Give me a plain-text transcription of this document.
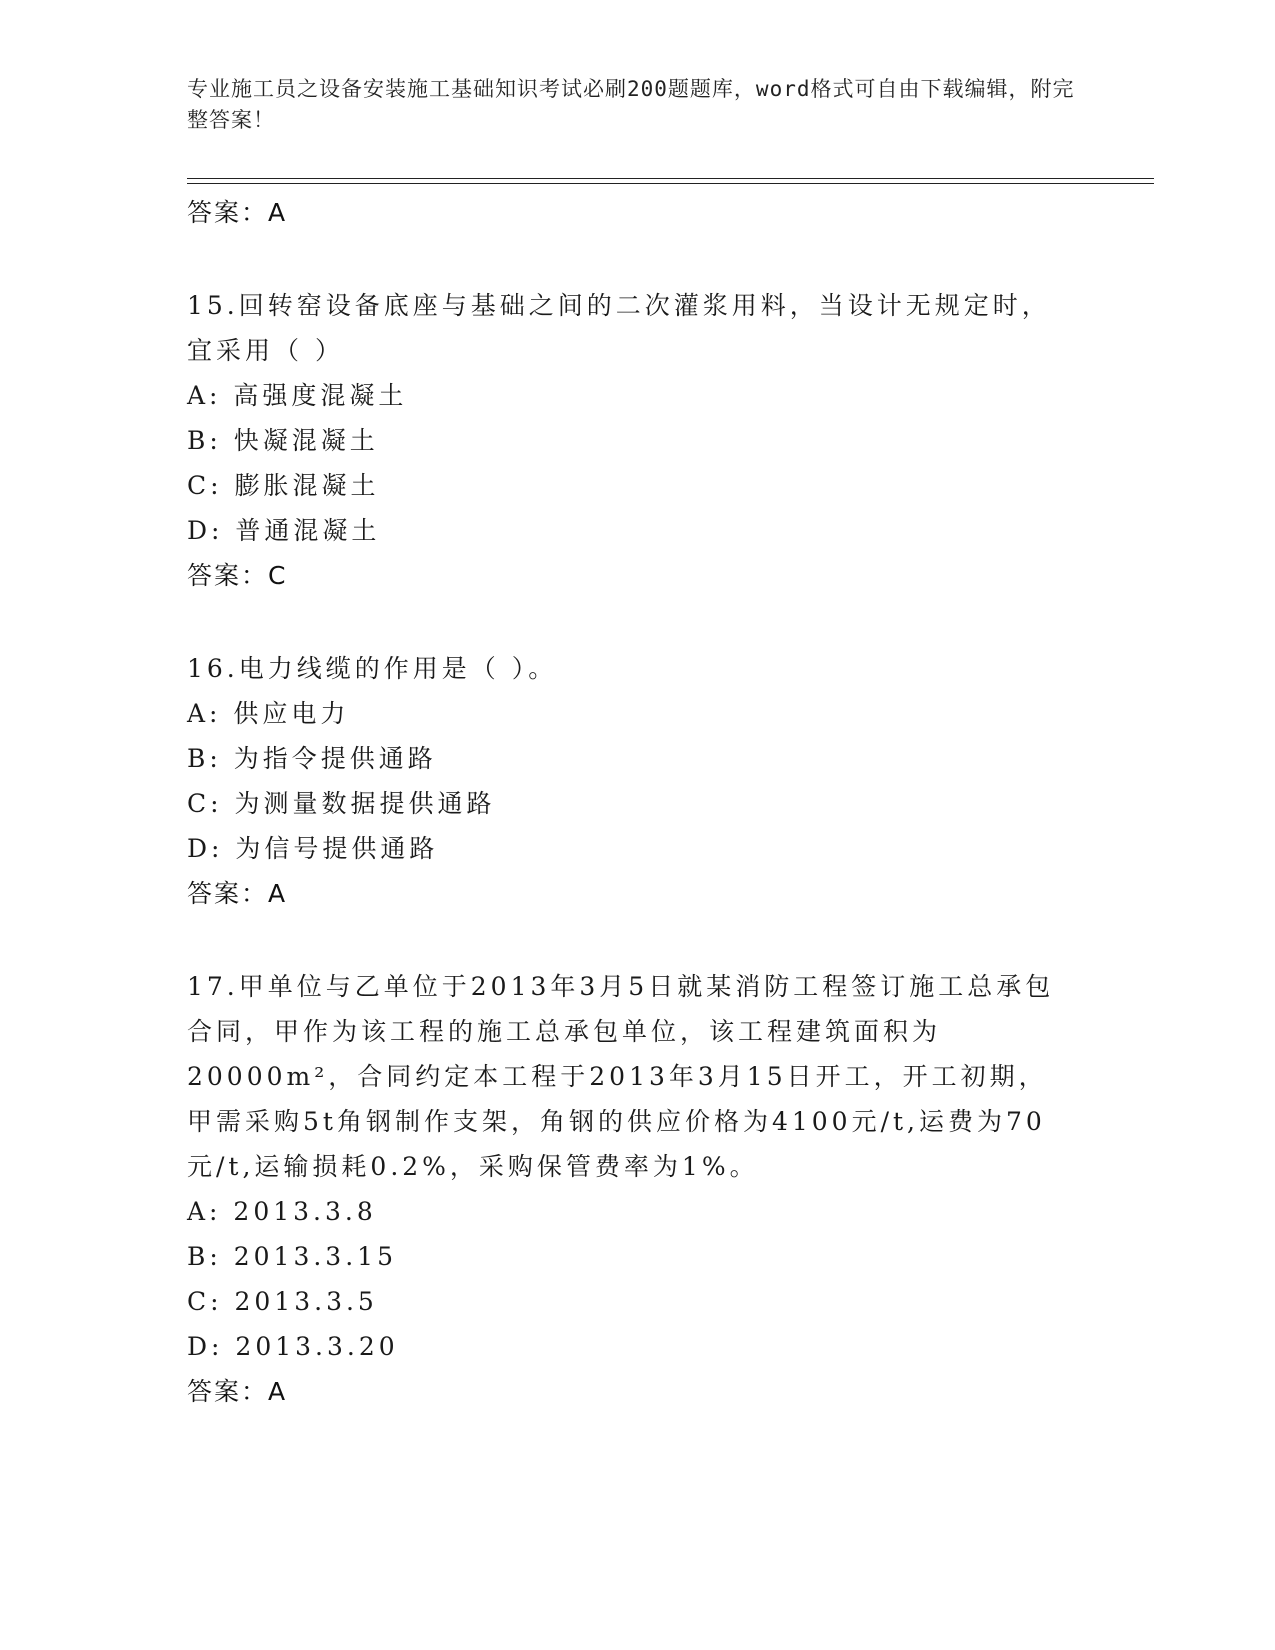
专业施工员之设备安装施工基础知识考试必刷200题题库，word格式可自由下载编辑，附完整答案！
答案：A
15.回转窑设备底座与基础之间的二次灌浆用料，当设计无规定时，宜采用（ ）
A: 高强度混凝土
B: 快凝混凝土
C: 膨胀混凝土
D: 普通混凝土
答案：C
16.电力线缆的作用是（ ）。
A: 供应电力
B: 为指令提供通路
C: 为测量数据提供通路
D: 为信号提供通路
答案：A
17.甲单位与乙单位于2013年3月5日就某消防工程签订施工总承包合同，甲作为该工程的施工总承包单位，该工程建筑面积为20000m²，合同约定本工程于2013年3月15日开工，开工初期，甲需采购5t角钢制作支架，角钢的供应价格为4100元/t,运费为70元/t,运输损耗0.2%，采购保管费率为1%。
A: 2013.3.8
B: 2013.3.15
C: 2013.3.5
D: 2013.3.20
答案：A
